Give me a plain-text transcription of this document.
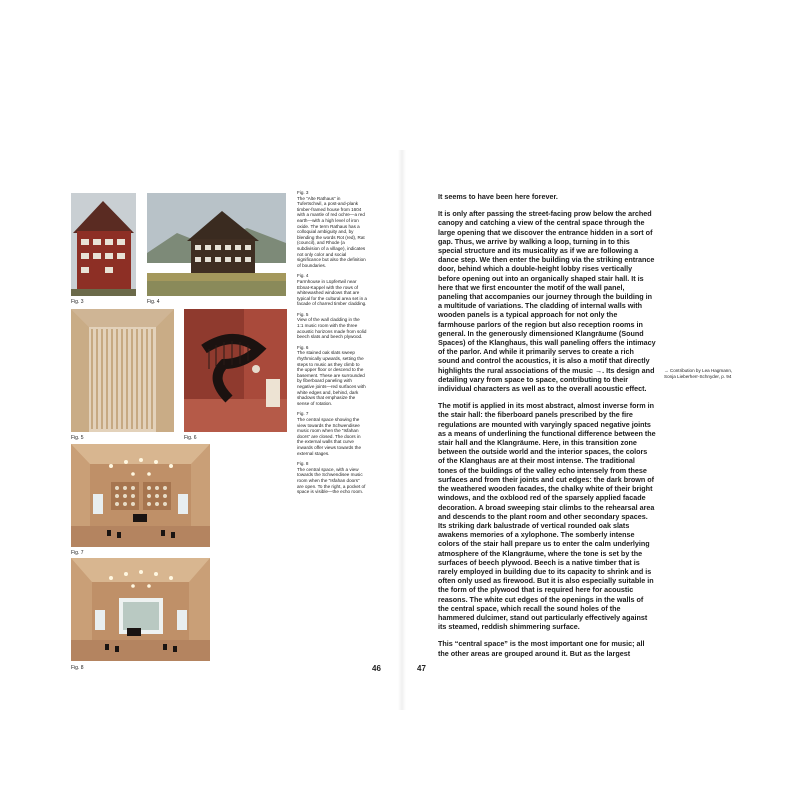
Fig. 3	Fig. 4
Fig. 5	Fig. 6
Fig. 7
Fig. 8
Fig. 3
The “Alte Rathaus” in Tufertschwil, a post-and-plank timber-framed house from 1604 with a mantle of red ochre—a red earth—with a high level of iron oxide. The term Rathaus has a colloquial ambiguity and, by blending the words Rot (red), Rat (council), and Rhode (a subdivision of a village), indicates not only color and social significance but also the definition of boundaries.
Fig. 4
Farmhouse in Lüpfertwil near Ebnat-Kappel with the rows of whitewashed windows that are typical for the cultural area set in a facade of charred timber cladding.
Fig. 5
View of the wall cladding in the 1:1 music room with the three acoustic horizons made from solid beech slats and beech plywood.
Fig. 6
The stained oak slats sweep rhythmically upwards, setting the steps to music as they climb to the upper floor or descend to the basement. These are surrounded by fiberboard paneling with negative joints—red surfaces with white edges and, behind, dark shadows that emphasize the sense of rotation.
Fig. 7
The central space showing the view towards the Schwendisee music room when the “Isfahan doors” are closed. The doors in the external walls that curve inwards offer views towards the external stages.
Fig. 8
The central space, with a view towards the Schwendisee music room when the “Isfahan doors” are open. To the right, a pocket of space is visible—the echo room.
46	47

It seems to have been here forever.

It is only after passing the street-facing prow below the arched canopy and catching a view of the central space through the large opening that we discover the entrance hidden in a sort of gap. Thus, we arrive by walking a loop, turning in to this special structure and its musicality as if we are following a dance step. We then enter the building via the striking entrance door, behind which a double-height lobby rises vertically before opening out into an organically shaped stair hall. It is here that we first encounter the motif of the wall panel, paneling that accompanies our journey through the building in a multitude of variations. The cladding of internal walls with wooden panels is a typical approach for not only the farmhouse parlors of the region but also reception rooms in general. In the generously dimensioned Klangräume (Sound Spaces) of the Klanghaus, this wall paneling offers the intimacy of the parlor. And while it primarily serves to create a rich sound and control the acoustics, it is also a motif that directly highlights the rural associations of the music →. Its design and detailing vary from space to space, contributing to their individual characters as well as to the overall acoustic effect.

The motif is applied in its most abstract, almost inverse form in the stair hall: the fiberboard panels prescribed by the fire regulations are mounted with varyingly spaced negative joints as a means of underlining the functional difference between the stair hall and the Klangräume. Here, in this transition zone between the outside world and the interior spaces, the colors of the Klanghaus are at their most intense. The traditional tones of the buildings of the valley echo intensely from these surfaces and from their joints and cut edges: the dark brown of the weathered wooden facades, the chalky white of their bright windows, and the oxblood red of the sparsely applied facade decoration. A broad sweeping stair climbs to the rehearsal area and descends to the plant room and other secondary spaces. Its striking dark balustrade of vertical rounded oak slats awakens memories of a xylophone. The somberly intense colors of the stair hall prepare us to enter the calm underlying atmosphere of the Klangräume, where the tone is set by the surfaces of beech plywood. Beech is a native timber that is rarely employed in building due to its capacity to shrink and is often only used as firewood. But it is also especially suitable in the form of the plywood that is required here for acoustic reasons. The white cut edges of the openings in the walls of the central space, which recall the sound holes of the hammered dulcimer, stand out particularly effectively against its steamed, reddish shimmering surface.

This “central space” is the most important one for music; all the other areas are grouped around it. But as the largest

→ Contribution by Lea Hagmann, Sonja Lieberherr-Schnyder, p. 94
